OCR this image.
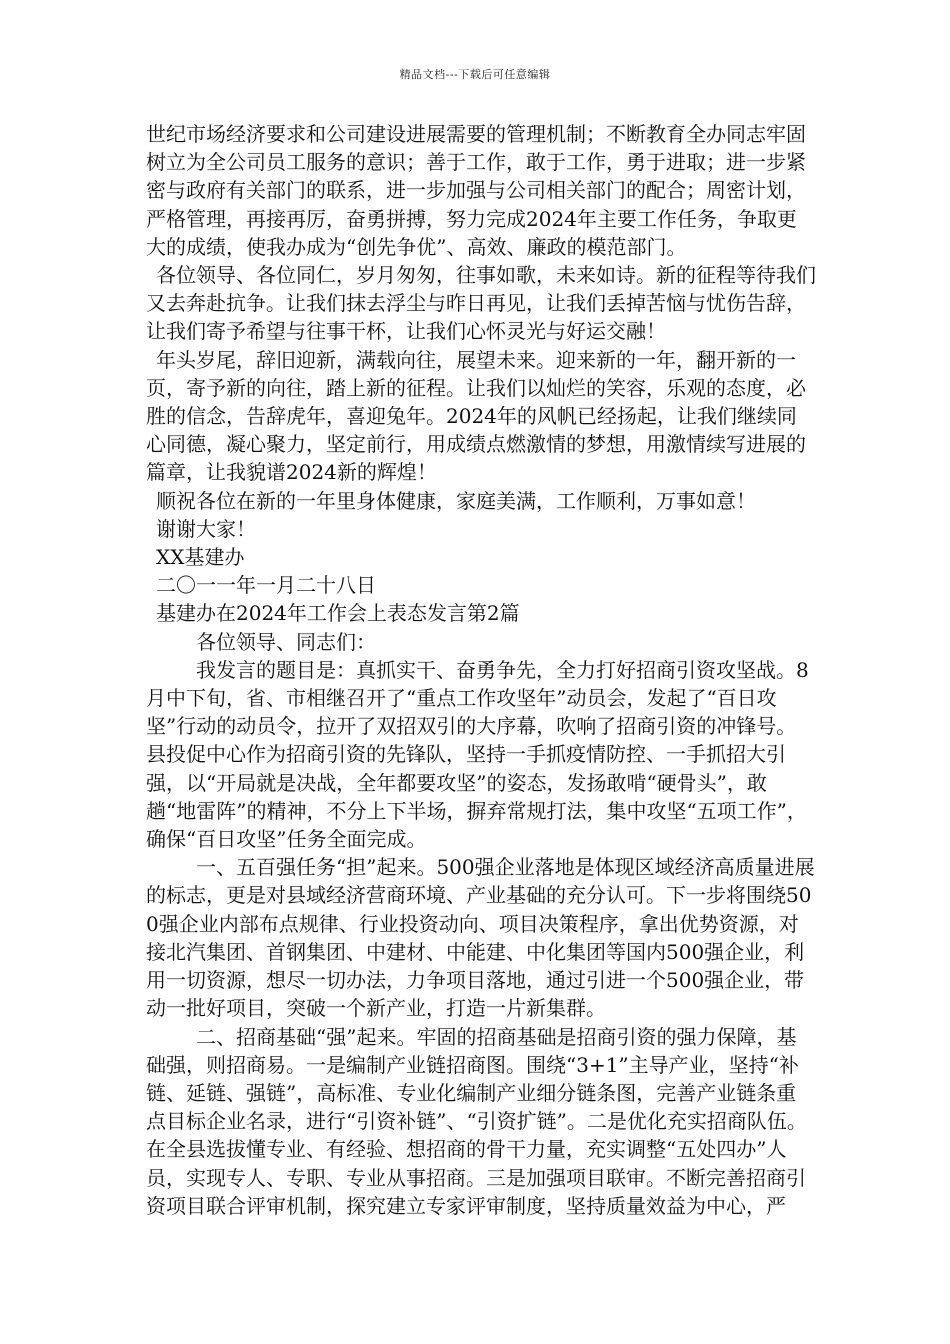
精品文档---下载后可任意编辑

世纪市场经济要求和公司建设进展需要的管理机制；不断教育全办同志牢固树立为全公司员工服务的意识；善于工作，敢于工作，勇于进取；进一步紧密与政府有关部门的联系，进一步加强与公司相关部门的配合；周密计划，严格管理，再接再厉，奋勇拼搏，努力完成2024年主要工作任务，争取更大的成绩，使我办成为“创先争优”、高效、廉政的模范部门。

各位领导、各位同仁，岁月匆匆，往事如歌，未来如诗。新的征程等待我们又去奔赴抗争。让我们抹去浮尘与昨日再见，让我们丢掉苦恼与忧伤告辞，让我们寄予希望与往事干杯，让我们心怀灵光与好运交融！

年头岁尾，辞旧迎新，满载向往，展望未来。迎来新的一年，翻开新的一页，寄予新的向往，踏上新的征程。让我们以灿烂的笑容，乐观的态度，必胜的信念，告辞虎年，喜迎兔年。2024年的风帆已经扬起，让我们继续同心同德，凝心聚力，坚定前行，用成绩点燃激情的梦想，用激情续写进展的篇章，让我貌谱2024新的辉煌！

顺祝各位在新的一年里身体健康，家庭美满，工作顺利，万事如意！

谢谢大家！

XX基建办

二〇一一年一月二十八日

基建办在2024年工作会上表态发言第2篇

各位领导、同志们：

我发言的题目是：真抓实干、奋勇争先，全力打好招商引资攻坚战。8月中下旬，省、市相继召开了“重点工作攻坚年”动员会，发起了“百日攻坚”行动的动员令，拉开了双招双引的大序幕，吹响了招商引资的冲锋号。县投促中心作为招商引资的先锋队，坚持一手抓疫情防控、一手抓招大引强，以“开局就是决战，全年都要攻坚”的姿态，发扬敢啃“硬骨头”，敢趟“地雷阵”的精神，不分上下半场，摒弃常规打法，集中攻坚“五项工作”，确保“百日攻坚”任务全面完成。

一、五百强任务“担”起来。500强企业落地是体现区域经济高质量进展的标志，更是对县域经济营商环境、产业基础的充分认可。下一步将围绕500强企业内部布点规律、行业投资动向、项目决策程序，拿出优势资源，对接北汽集团、首钢集团、中建材、中能建、中化集团等国内500强企业，利用一切资源，想尽一切办法，力争项目落地，通过引进一个500强企业，带动一批好项目，突破一个新产业，打造一片新集群。

二、招商基础“强”起来。牢固的招商基础是招商引资的强力保障，基础强，则招商易。一是编制产业链招商图。围绕“3+1”主导产业，坚持“补链、延链、强链”，高标准、专业化编制产业细分链条图，完善产业链条重点目标企业名录，进行“引资补链”、“引资扩链”。二是优化充实招商队伍。在全县选拔懂专业、有经验、想招商的骨干力量，充实调整“五处四办”人员，实现专人、专职、专业从事招商。三是加强项目联审。不断完善招商引资项目联合评审机制，探究建立专家评审制度，坚持质量效益为中心，严
